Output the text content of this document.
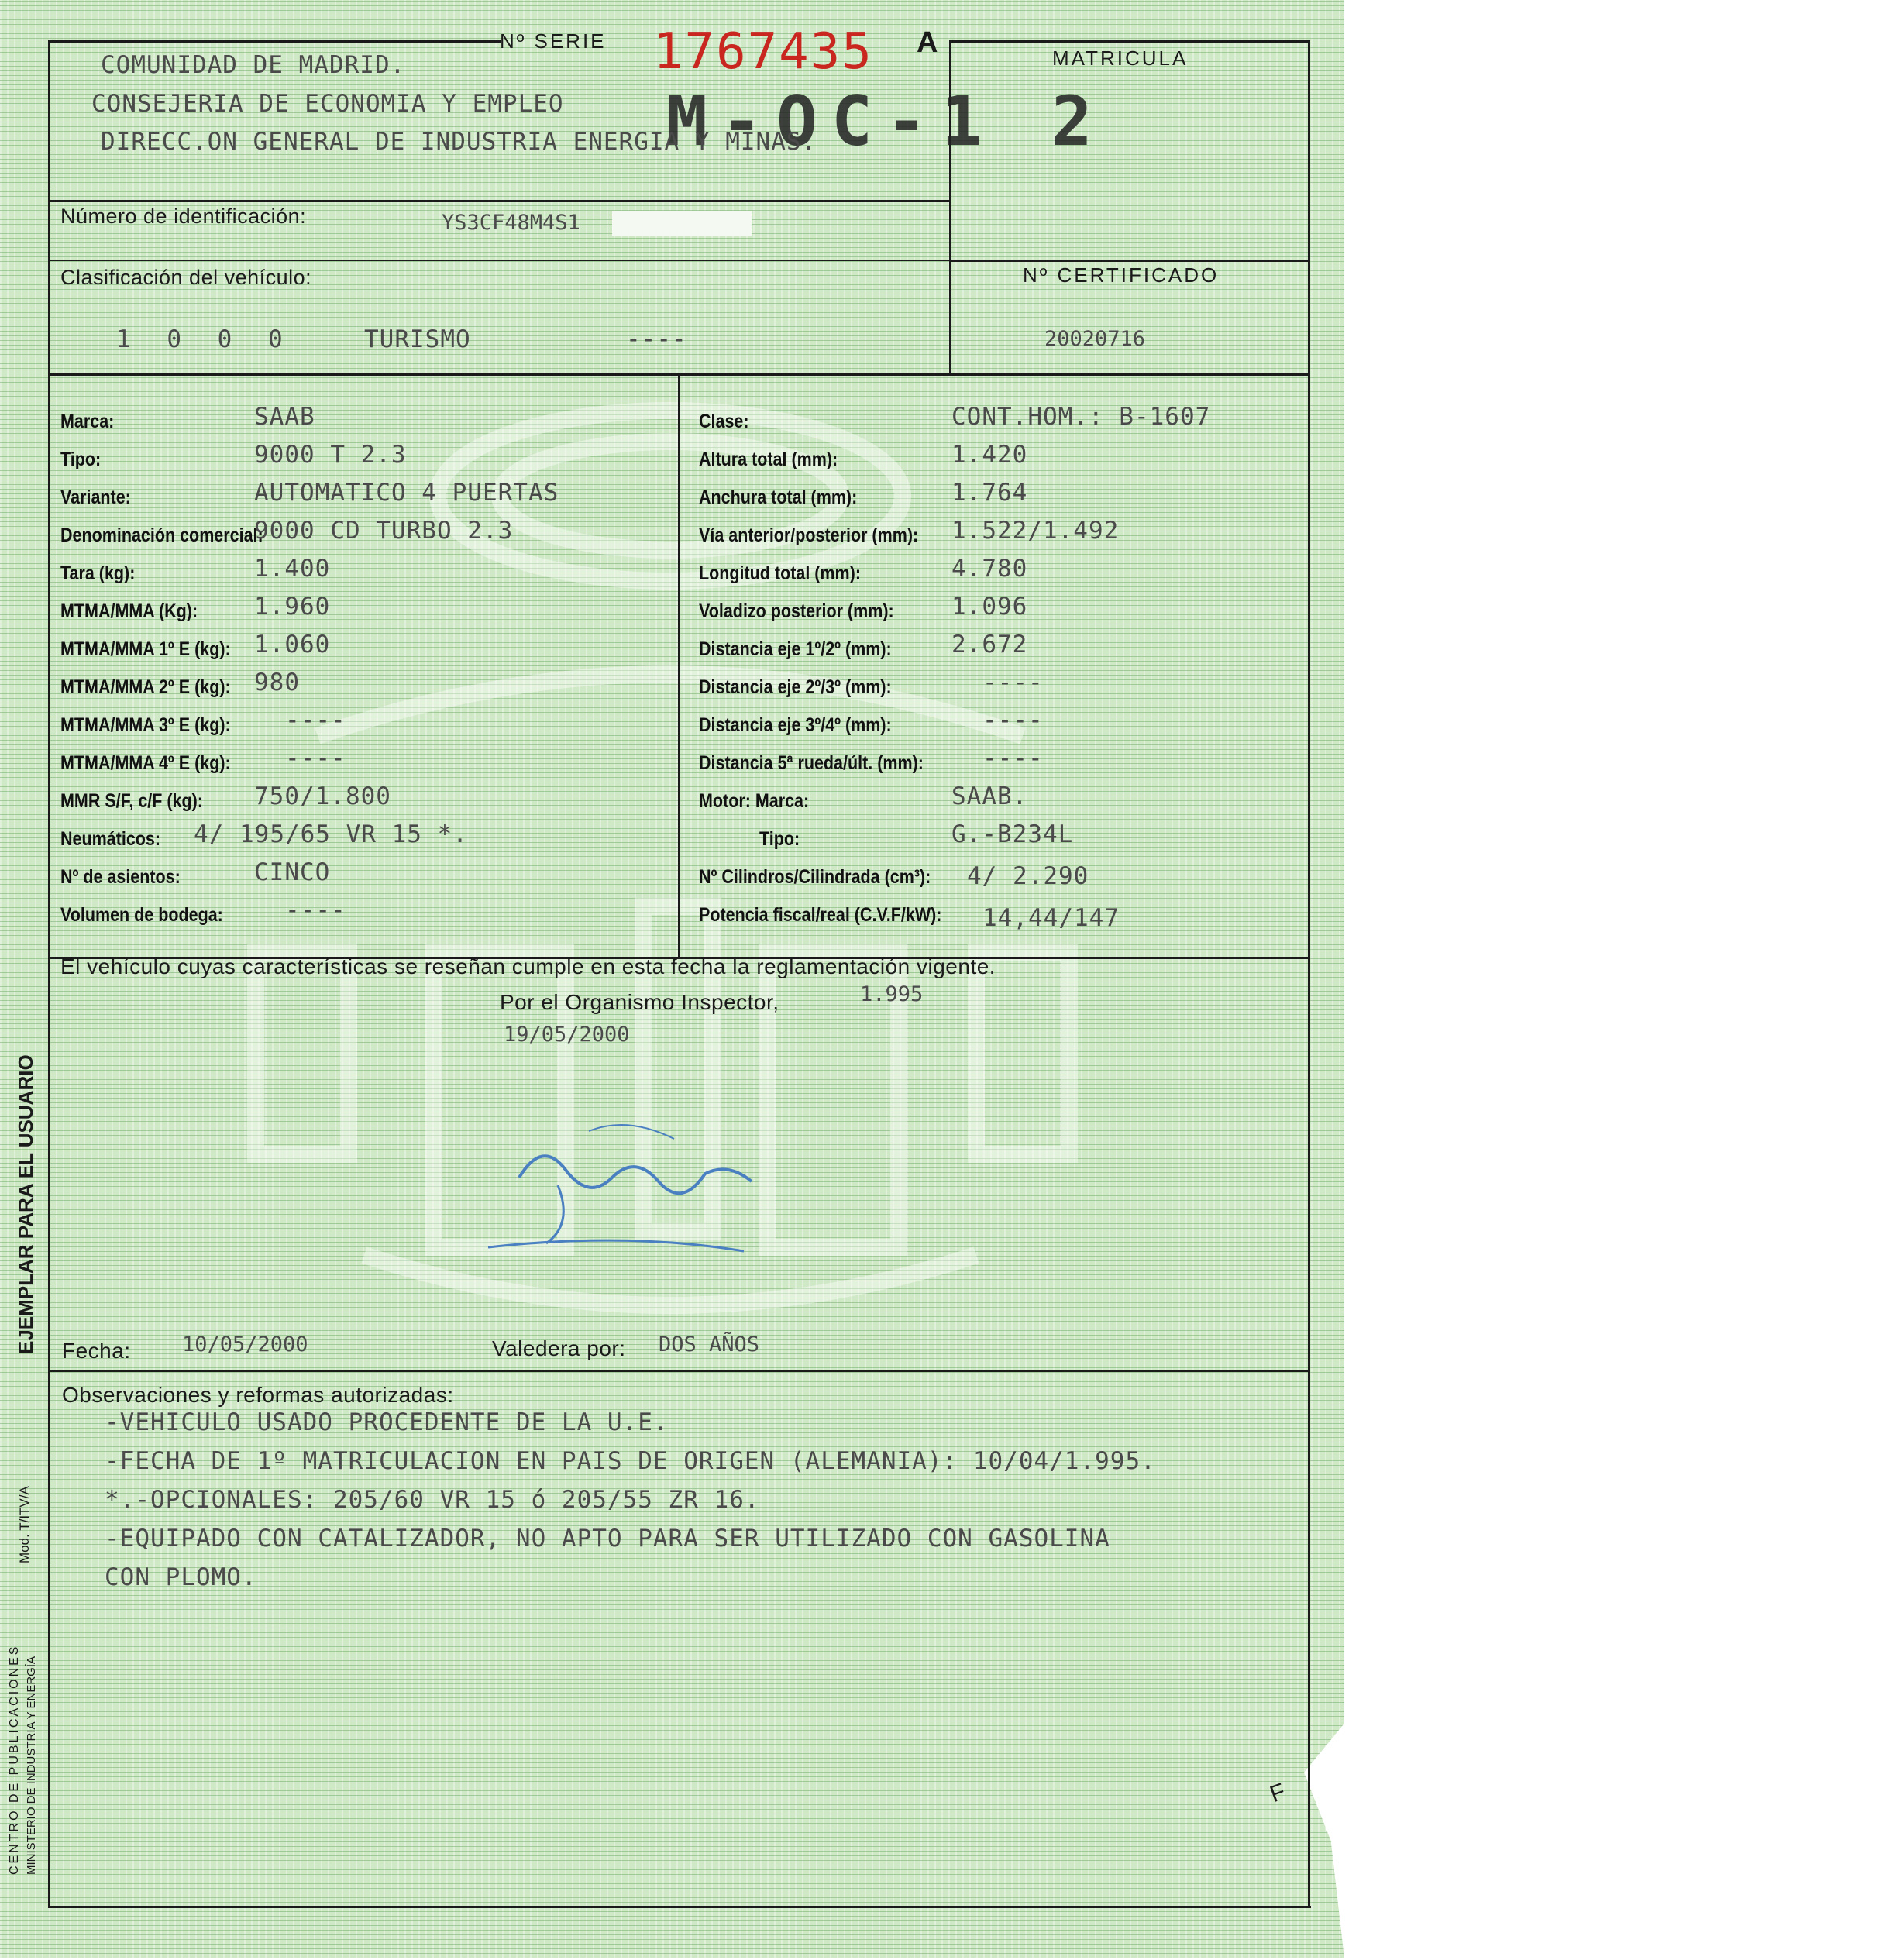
Nº SERIE 1767435 A	MATRICULA
M-OC-1 2
COMUNIDAD DE MADRID.
CONSEJERIA DE ECONOMIA Y EMPLEO
DIRECC.ON GENERAL DE INDUSTRIA ENERGIA Y MINAS.
Número de identificación:	YS3CF48M4S1
Clasificación del vehículo:
1 0 0 0	TURISMO	----
Nº CERTIFICADO
20020716
Marca:	SAAB
Tipo:	9000 T 2.3
Variante:	AUTOMATICO 4 PUERTAS
Denominación comercial:
9000 CD TURBO 2.3
Tara (kg):	1.400
MTMA/MMA (Kg): 1.960
MTMA/MMA 1º E (kg): 1.060
MTMA/MMA 2º E (kg): 980
MTMA/MMA 3º E (kg): ----
MTMA/MMA 4º E (kg): ----
MMR S/F, c/F (kg): 750/1.800
Neumáticos: 4/ 195/65 VR 15 *.
Nº de asientos:	CINCO
Volumen de bodega:	----
Clase:	CONT.HOM.: B-1607
Altura total (mm):	1.420
Anchura total (mm):	1.764
Vía anterior/posterior (mm): 1.522/1.492
Longitud total (mm):	4.780
Voladizo posterior (mm): 1.096
Distancia eje 1º/2º (mm): 2.672
Distancia eje 2º/3º (mm):	----
Distancia eje 3º/4º (mm):	----
Distancia 5ª rueda/últ. (mm): ----
Motor: Marca:	SAAB.
Tipo:	G.-B234L
Nº Cilindros/Cilindrada (cm³): 4/ 2.290
Potencia fiscal/real (C.V.F/kW): 14,44/147
El vehículo cuyas características se reseñan cumple en esta fecha la reglamentación vigente.
Por el Organismo Inspector,	1.995
19/05/2000
Fecha: 10/05/2000	Valedera por: DOS AÑOS
Observaciones y reformas autorizadas:
-VEHICULO USADO PROCEDENTE DE LA U.E.
-FECHA DE 1º MATRICULACION EN PAIS DE ORIGEN (ALEMANIA): 10/04/1.995.
*.-OPCIONALES: 205/60 VR 15 ó 205/55 ZR 16.
-EQUIPADO CON CATALIZADOR, NO APTO PARA SER UTILIZADO CON GASOLINA
CON PLOMO.
EJEMPLAR PARA EL USUARIO
Mod. T/ITV/A
CENTRO DE PUBLICACIONES MINISTERIO DE INDUSTRIA Y ENERGÍA	F
